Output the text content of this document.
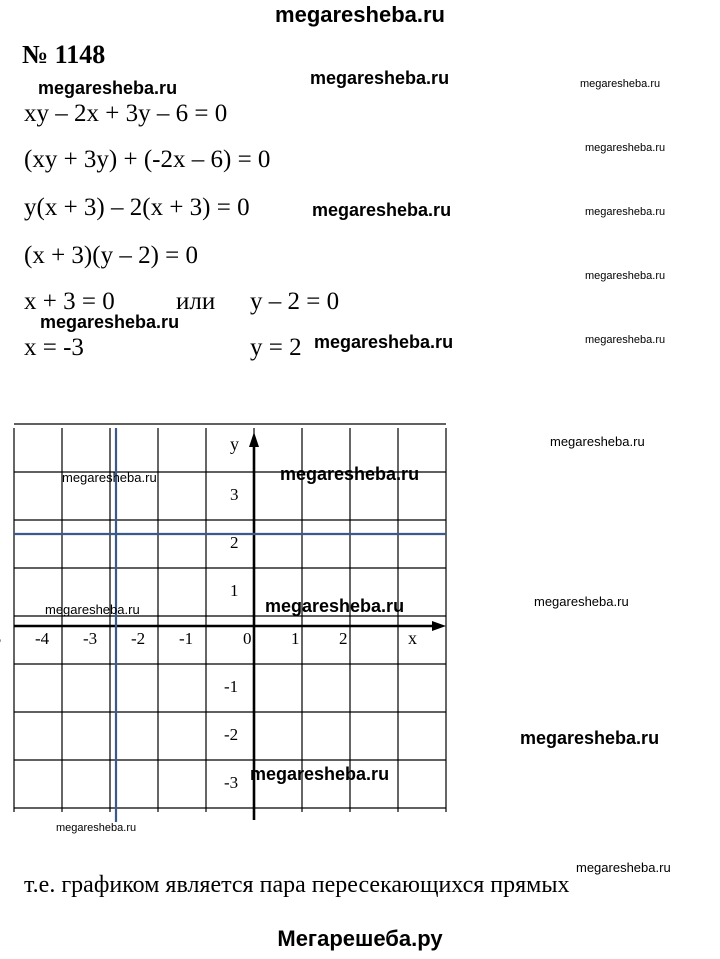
megaresheba.ru
№ 1148
xy – 2x + 3y – 6 = 0
(xy + 3y) + (-2x – 6) = 0
y(x + 3) – 2(x + 3) = 0
(x + 3)(y – 2) = 0
x + 3 = 0 или y – 2 = 0
x = -3	y = 2
megaresheba.ru	megaresheba.ru	megaresheba.ru
megaresheba.ru
megaresheba.ru	megaresheba.ru
megaresheba.ru
megaresheba.ru
megaresheba.ru	megaresheba.ru
-4 -3 -2 -1	0 1 2	x
3
2
1
-1
-2
-3
y
megaresheba.ru	megaresheba.ru
megaresheba.ru
megaresheba.ru	megaresheba.ru	megaresheba.ru
megaresheba.ru
megaresheba.ru
megaresheba.ru
megaresheba.ru
т.е. графиком является пара пересекающихся прямых
Мегарешеба.ру
